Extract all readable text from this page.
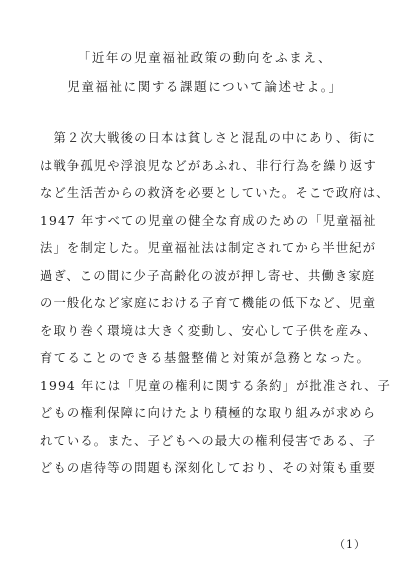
「近年の児童福祉政策の動向をふまえ、
児童福祉に関する課題について論述せよ。」
　第２次大戦後の日本は貧しさと混乱の中にあり、街に
は戦争孤児や浮浪児などがあふれ、非行行為を繰り返す
など生活苦からの救済を必要としていた。そこで政府は、
1947 年すべての児童の健全な育成のための「児童福祉
法」を制定した。児童福祉法は制定されてから半世紀が
過ぎ、この間に少子高齢化の波が押し寄せ、共働き家庭
の一般化など家庭における子育て機能の低下など、児童
を取り巻く環境は大きく変動し、安心して子供を産み、
育てることのできる基盤整備と対策が急務となった。
1994 年には「児童の権利に関する条約」が批准され、子
どもの権利保障に向けたより積極的な取り組みが求めら
れている。また、子どもへの最大の権利侵害である、子
どもの虐待等の問題も深刻化しており、その対策も重要
（1）
